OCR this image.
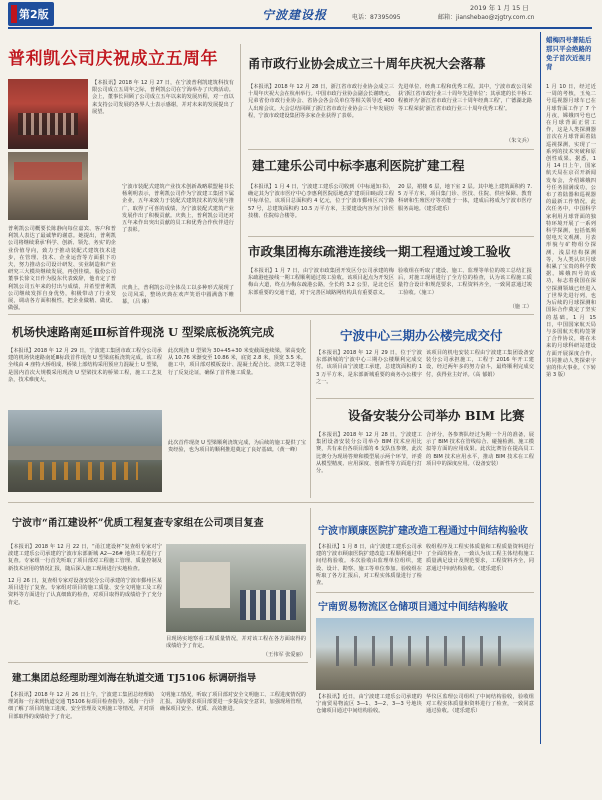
第2版	宁波建设报	2019 年 1 月 15 日
电话：87395095	邮箱：jianshebao@zjgtry.com.cn
普利凯公司庆祝成立五周年
【本报讯】2018 年 12 月 27 日，在宁波普利凯建筑科技有限公司成立五周年之际，普利凯公司在宁海举办了庆典活动。会上，董事长回顾了公司成立五年以来的发展历程，对一直以来支持公司发展的各界人士表示感谢，并对未来的发展提出了展望。
普利凯公司概要长陈静向每位嘉宾、客户和普利凯人表达了最诚挚的谢意。她提出，普利凯公司将继续秉承‘科学、创新、领先、务实’的企业价值导向，致力于推动装配式建筑技术进步，在管理、技术、企业运营等方面狠下功夫，努力推动公司设计研发、实业制造和产业研究三大模块继续发展，再创佳绩。股份公司董事长徐文日作为股东代表致辞，他肯定了普利凯公司五年来的付出与成绩，并希望普利凯公司继续发挥自身优势，积极带动了行业发展，调动各方面积极性，把企业做精、做优、做强。
宁波市装配式建筑产业技术创新战略联盟秘书长杨利明表示，普利凯公司作为宁波建工集团下属企业，五年来致力于装配式建筑技术的发展与推广，取得了可喜的成绩，为宁波装配式建筑产业发展作出了积极贡献。庆典上，普利凯公司还对五年来作出突出贡献的员工和优秀合作伙伴进行了表彰。
庆典上，普利凯公司全体员工以多种形式展现了公司风采，整场庆典在欢声笑语中圆满落下帷幕。（吕 琳）
甬市政行业协会成立三十周年庆祝大会落幕
【本报讯】2018 年 12 月 28 日，浙江省市政行业协会成立三十周年庆祝大会在杭州举行。中国市政行业协会副会长谢晓元、兄弟省份市政行业协会、省协会各会员单位等相关领导近 400 人出席会议。大会总结回顾了浙江省市政行业协会三十年发展历程，宁波市政建设集团等多家企业获得了表彰。
先进单位、经典工程和优秀工程。其中，宁波市政公司荣获‘浙江省市政行业三十周年先进单位’；其承建的长丰桥工程被评为‘浙江省市政行业三十周年经典工程’，广德湖北路等工程荣获‘浙江省市政行业三十周年优秀工程’。
（朱文兵）
建工建乐公司中标李惠利医院扩建工程
【本报讯】1 月 4 日，宁波建工建乐公司收到《中标通知书》，确定其为宁波市医疗中心李惠利医院原地改扩建项目Ⅱ标段工程中标单位。该项目总面积约 4 亿元，位于宁波市鄞州区兴宁路 57 号，总建筑面积约 10.5 万平方米，主要建设内容为门诊医技楼、住院综合楼等。
20 层，裙楼 6 层，地下室 2 层。其中地上建筑面积约 7.5 万平方米，项目集门诊、医技、住院、供应保障、教育科研和生殖医疗等功能于一体，建成后将成为宁波市医疗服务高地。（建乐建乐）
市政集团梅东疏港连接线一期工程通过竣工验收
【本报讯】1 月 7 日，由宁波市政集团开发区分公司承建的梅东疏港连接线一期工程顺利通过竣工验收。该项目起点为开发区梅山大道，终点为梅东疏港公路，全长约 3.2 公里，是北仑区东部重要的交通干道，对于完善区域路网结构具有重要意义。
验收组在听取了建设、施工、监理等单位的竣工总结汇报后，对施工现场进行了全方位的检查，认为该工程施工质量符合设计和规范要求，工程资料齐全，一致同意通过竣工验收。（施工）
（施 工）
机场快速路南延Ⅲ标首件现浇 U 型梁底板浇筑完成
【本报讯】2018 年 12 月 29 日，宁波建工集团市政工程分公司承建的机场快速路南延Ⅲ标段首件现浇 U 型梁底板浇筑完成。该工程全线由 4 座特大桥组成，桥梁上部结构采用预应力混凝土 U 型梁，是国内首次大规模采用现浇 U 型梁技术的桥梁工程，施工工艺复杂，技术难度大。
此次现浇 U 型梁为 30+45+30 米变截面连续梁，梁高变化从 10.76 米渐变至 10.86 米，底宽 2.8 米，顶宽 3.5 米。施工中，项目部对模板设计、混凝土配合比、浇筑工艺等进行了反复论证，确保了首件施工质量。
此次首件现浇 U 型梁顺利浇筑完成，为后续的施工提供了宝贵经验，也为项目的顺利推进奠定了良好基础。（黄一峰）
宁波中心三期办公楼完成交付
【本报讯】2018 年 12 月 29 日，位于宁波东部新城的宁波中心三期办公楼顺利完成交付。该项目由宁波建工承建，总建筑面积约 13 万平方米，是东部新城重要的商务办公楼宇之一。
该项目的机电安装工程由宁波建工集团设备安装分公司承担施工，工程于 2016 年开工建设，经过两年多的努力奋斗，最终顺利完成交付，获得业主好评。（高 郁娟）
设备安装分公司举办 BIM 比赛
【本报讯】2018 年 12 月 28 日，宁波建工集团设备安装分公司举办 BIM 技术应用比赛，共有来自各项目部的 6 支队伍参赛。此次比赛分为现场答辩和模型展示两个环节，评委从模型精度、应用深度、创新性等方面进行打分。
合评分，各参赛队经过为期一个月的准备，展示了 BIM 技术在管线综合、碰撞检测、施工模拟等方面的应用成果。此次比赛旨在提高员工的 BIM 技术应用水平，推动 BIM 技术在工程项目中的深度应用。（设备安装）
宁波市“甬江建设杯”优质工程复查专家组在公司项目复查
【本报讯】2018 年 12 月 22 日，“甬江建设杯”复查组专家对宁波建工建乐公司承建的宁波市东部新城 A2—26# 地块工程进行了复查。专家组一行首先听取了项目部对工程施工管理、质量控制及新技术应用的情况汇报，随后深入施工现场进行实地检查。
12 月 26 日，复查组专家对设备安装分公司承建的宁波市鄞州区某项目进行了复查。专家组对项目的施工质量、安全文明施工及工程资料等方面进行了认真细致的检查，对项目取得的成绩给予了充分肯定。
目现场实地察看工程质量情况，并对该工程在各方面取得的成绩给予了肯定。
（王伟军 张爱丽）
宁波市顾康医院扩建改造工程通过中间结构验收
【本报讯】1 月 8 日，由宁波建工建乐公司承建的宁波市顾康医院扩建改造工程顺利通过中间结构验收。本次验收由监理单位组织，建设、设计、勘察、施工等单位参加。验收组在听取了各方汇报后，对工程实体质量进行了检查。
收组程序及工程实体质量和工程质量资料进行了全面的检查，一致认为该工程主体结构施工质量满足设计及规范要求，工程资料齐全，同意通过中间结构验收。（建乐建乐）
宁南贸易物流区仓储项目通过中间结构验收
【本报讯】近日，由宁波建工建乐公司承建的宁南贸易物流区 3—1、3—2、3—3 号地块仓储项目通过中间结构验收。
华仪区监理公司组织了中间结构验收，验收组对工程实体质量和资料进行了检查，一致同意通过验收。（建乐建乐）
建工集团总经理助理刘海在轨道交通 TJ5106 标调研指导
【本报讯】2018 年 12 月 26 日上午，宁波建工集团总经理助理刘海一行来到轨道交通 TJ5106 标项目检查指导。刘海一行详细了解了项目的施工进度、安全管理及文明施工等情况，并对项目部取得的成绩给予了肯定。
文明施工情况，听取了项目部对安全文明施工、工程进度情况的汇报。刘海要求项目部要进一步提高安全意识，加强现场管理，确保项目安全、优质、高效推进。
蜡梅四号著陆后那只平会绝路的免子首次近视月背
1 月 10 日，经过近一周的考核，玉兔二号巡视器月球车已在月球背面工作了 7 个月夜，嫦娥四号也已在月球背面正常工作，这是人类探测器首次在月球背面着陆巡视探测，实现了一系列的技术突破和原创性成果。据悉，1 月 14 日上午，国家航天局在京召开新闻发布会，介绍嫦娥四号任务圆满成功，公布了着陆器和巡视器的最新工作情况。此次任务中，中国科学家利用月球背面的独特环境开展了一系列科学探测，包括低频射电天文观测、月表形貌与矿物组分探测、浅层结构探测等，为人类认识月球积累了宝贵的科学数据。嫦娥四号的成功，标志着我国在深空探测领域已经进入了世界先进行列，也为后续的月球探测和国际合作奠定了坚实的基础。1 月 15 日，中国国家航天局与多国航天机构签署了合作协议，将在未来的月球科研站建设方面开展深度合作，共同推动人类探索宇宙的伟大事业。（下转第 3 版）
